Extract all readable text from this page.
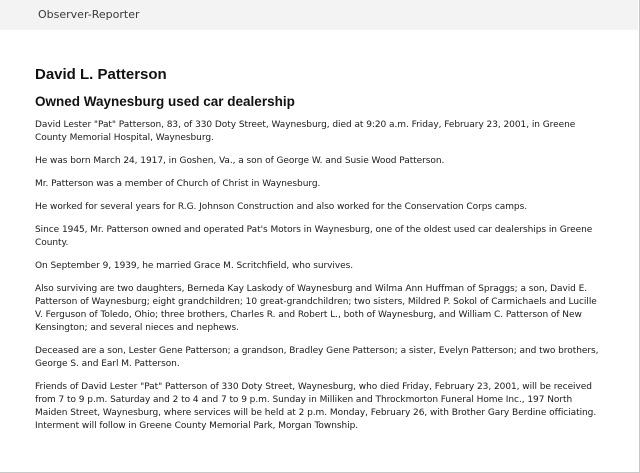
Observer-Reporter
David L. Patterson
Owned Waynesburg used car dealership

David Lester "Pat" Patterson, 83, of 330 Doty Street, Waynesburg, died at 9:20 a.m. Friday, February 23, 2001, in Greene County Memorial Hospital, Waynesburg.

He was born March 24, 1917, in Goshen, Va., a son of George W. and Susie Wood Patterson.

Mr. Patterson was a member of Church of Christ in Waynesburg.

He worked for several years for R.G. Johnson Construction and also worked for the Conservation Corps camps.

Since 1945, Mr. Patterson owned and operated Pat's Motors in Waynesburg, one of the oldest used car dealerships in Greene County.

On September 9, 1939, he married Grace M. Scritchfield, who survives.

Also surviving are two daughters, Berneda Kay Laskody of Waynesburg and Wilma Ann Huffman of Spraggs; a son, David E. Patterson of Waynesburg; eight grandchildren; 10 great-grandchildren; two sisters, Mildred P. Sokol of Carmichaels and Lucille V. Ferguson of Toledo, Ohio; three brothers, Charles R. and Robert L., both of Waynesburg, and William C. Patterson of New Kensington; and several nieces and nephews.

Deceased are a son, Lester Gene Patterson; a grandson, Bradley Gene Patterson; a sister, Evelyn Patterson; and two brothers, George S. and Earl M. Patterson.

Friends of David Lester "Pat" Patterson of 330 Doty Street, Waynesburg, who died Friday, February 23, 2001, will be received from 7 to 9 p.m. Saturday and 2 to 4 and 7 to 9 p.m. Sunday in Milliken and Throckmorton Funeral Home Inc., 197 North Maiden Street, Waynesburg, where services will be held at 2 p.m. Monday, February 26, with Brother Gary Berdine officiating. Interment will follow in Greene County Memorial Park, Morgan Township.
